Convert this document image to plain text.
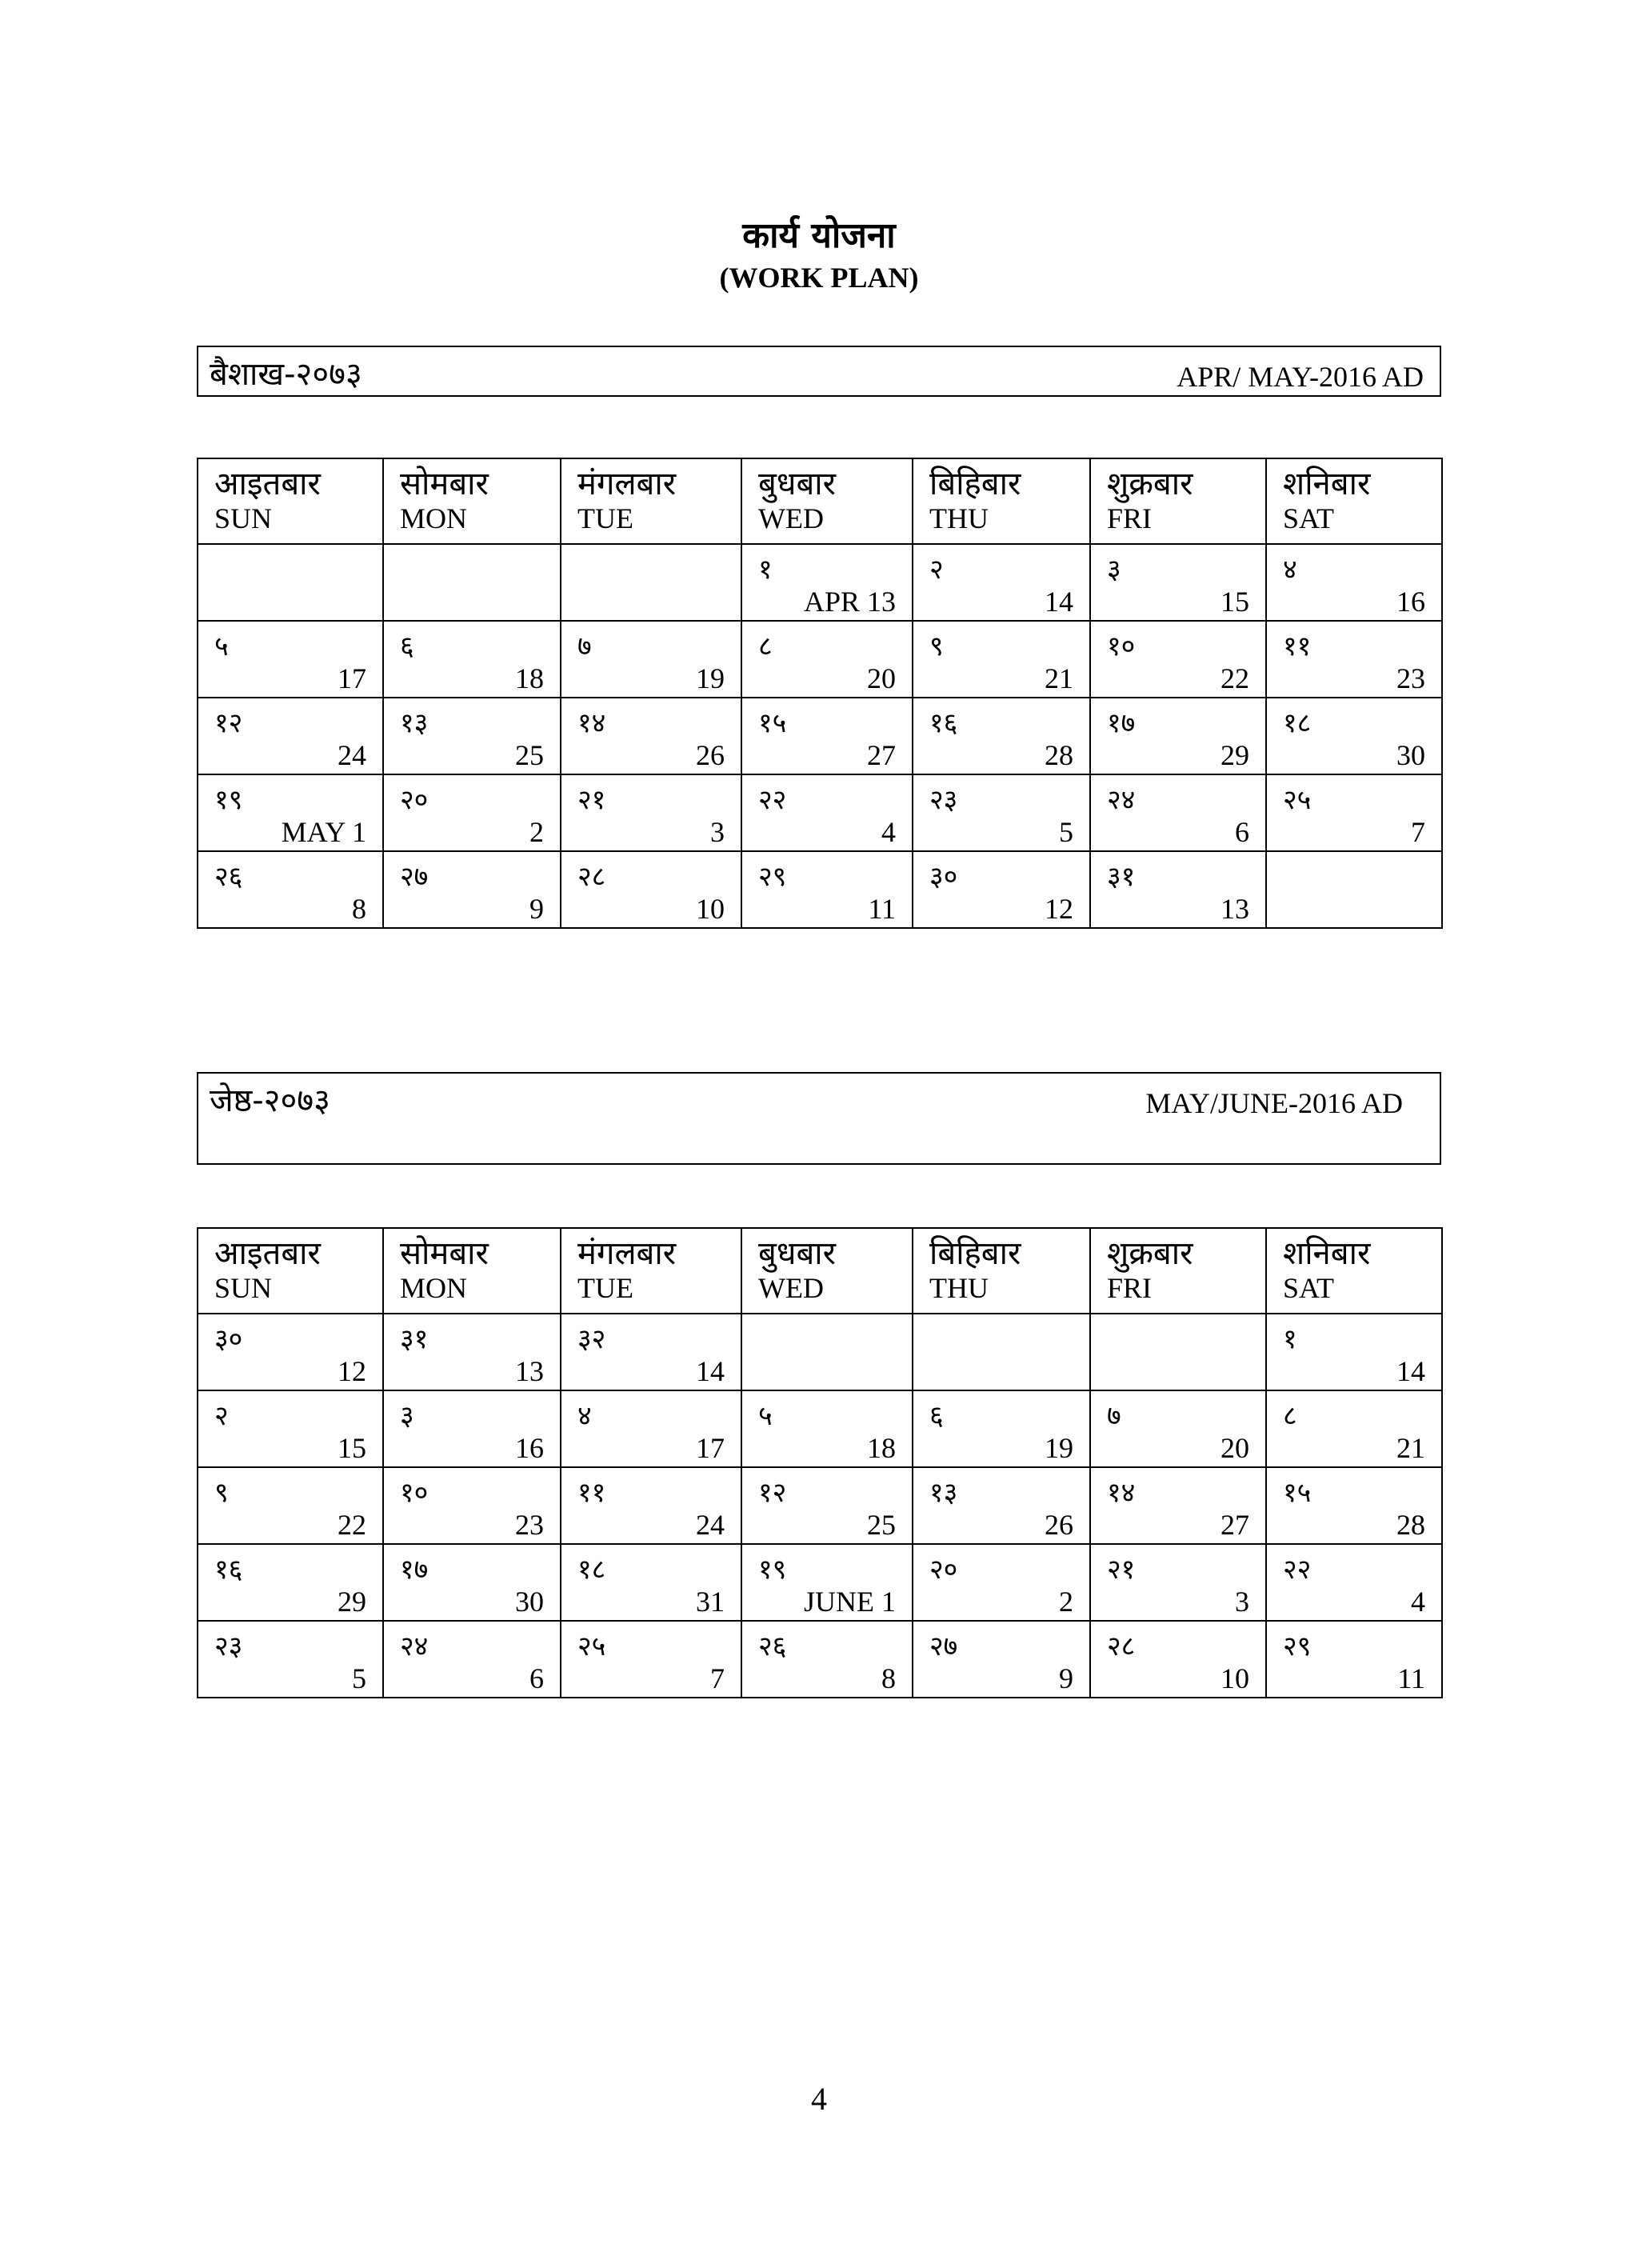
कार्य योजना
(WORK PLAN)
बैशाख-२०७३	APR/ MAY-2016 AD
आइतबार
SUN	सोमबार
MON	मंगलबार
TUE	बुधबार
WED	बिहिबार
THU	शुक्रबार
FRI	शनिबार
SAT

			१
APR 13	२
14	३
15	४
16

५
17	६
18	७
19	८
20	९
21	१०
22	११
23

१२
24	१३
25	१४
26	१५
27	१६
28	१७
29	१८
30

१९
MAY 1	२०
2	२१
3	२२
4	२३
5	२४
6	२५
7

२६
8	२७
9	२८
10	२९
11	३०
12	३१
13	

जेष्ठ-२०७३	MAY/JUNE-2016 AD
आइतबार
SUN	सोमबार
MON	मंगलबार
TUE	बुधबार
WED	बिहिबार
THU	शुक्रबार
FRI	शनिबार
SAT

३०
12	३१
13	३२
14				१
14

२
15	३
16	४
17	५
18	६
19	७
20	८
21

९
22	१०
23	११
24	१२
25	१३
26	१४
27	१५
28

१६
29	१७
30	१८
31	१९
JUNE 1	२०
2	२१
3	२२
4

२३
5	२४
6	२५
7	२६
8	२७
9	२८
10	२९
11
4
